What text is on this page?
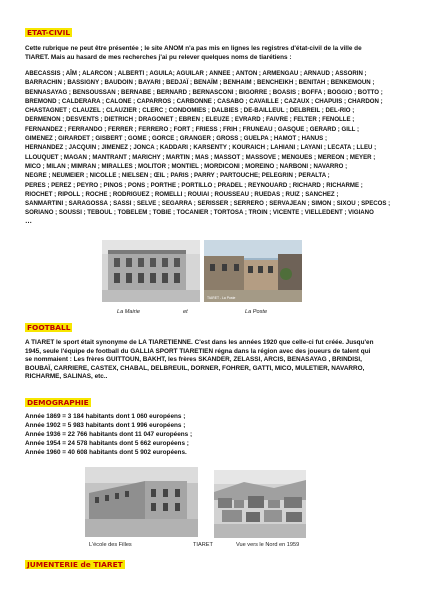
ETAT-CIVIL
Cette rubrique ne peut être présentée ; le site ANOM n'a pas mis en lignes les registres d'état-civil de la ville de
TIARET. Mais au hasard de mes recherches j'ai pu relever quelques noms de tiarétiens :
ABECASSIS ; AÎM ; ALARCON ; ALBERTI ; AGUILA; AGUILAR ; ANNEE ; ANTON ; ARMENGAU ; ARNAUD ; ASSORIN ;
BARRACHIN ; BASSIGNY ; BAUDOIN ; BAYARI ; BEDJAÏ ; BENAÏM ; BENHAIM ; BENCHEIKH ; BENITAH ; BENKEMOUN ;
BENNASAYAG ; BENSOUSSAN ; BERNABE ; BERNARD ; BERNASCONI ; BIGORRE ; BOASIS ; BOFFA ; BOGGIO ; BOTTO ;
BREMOND ; CALDERARA ; CALONE ; CAPARROS ; CARBONNE ; CASABO ; CAVAILLE ; CAZAUX ; CHAPUIS ; CHARDON ;
CHASTAGNET ; CLAUZEL ; CLAUZIER ; CLERC ; CONDOMIES ; DALBIES ; DE-BAILLEUL ; DELBREIL ; DEL-RIO ;
DERMENON ; DESVENTS ; DIETRICH ; DRAGONET ; EBREN ; ELEUZE ; EVRARD ; FAIVRE ; FELTER ; FENOLLE ;
FERNANDEZ ; FERRANDO ; FERRER ; FERRERO ; FORT ; FRIESS ; FRIH ; FRUNEAU ; GASQUE ; GERARD ; GILL ;
GIMENEZ ; GIRARDET ; GISBERT ; GOME ; GORCE ; GRANGER ; GROSS ; GUELPA ; HAMOT ; HANUS ;
HERNANDEZ ; JACQUIN ; JIMENEZ ; JONCA ; KADDARI ; KARSENTY ; KOURAICH ; LAHIANI ; LAYANI ; LECATA ; LLEU ;
LLOUQUET ; MAGAN ; MANTRANT ; MARICHY ; MARTIN ; MAS ; MASSOT ; MASSOVE ; MENGUES ; MEREON ; MEYER ;
MICO ; MILAN ; MIMRAN ; MIRALLES ; MOLITOR ; MONTIEL ; MORDICONI ; MOREINO ; NARBONI ; NAVARRO ;
NEGRE ; NEUMEIER ; NICOLLE ; NIELSEN ; ŒIL ; PARIS ; PARRY ; PARTOUCHE; PELEGRIN ; PERALTA ;
PERES ; PEREZ ; PEYRO ; PINOS ; PONS ; PORTHE ; PORTILLO ; PRADEL ; REYNOUARD ; RICHARD ; RICHARME ;
RIOCHET ; RIPOLL ; ROCHE ; RODRIGUEZ ; ROMELLI ; ROUIAI ; ROUSSEAU ; RUEDAS ; RUIZ ; SANCHEZ ;
SANMARTINI ; SARAGOSSA ; SASSI ; SELVE ; SEGARRA ; SERISSER ; SERRERO ; SERVAJEAN ; SIMON ; SIXOU ; SPECOS ;
SORIANO ; SOUSSI ; TEBOUL ; TOBELEM ; TOBIE ; TOCANIER ; TORTOSA ; TROIN ; VICENTE ; VIELLEDENT ; VIGIANO
…
TIARET - La Poste
La Mairie	et	La Poste
FOOTBALL
A TIARET le sport était synonyme de LA TIARETIENNE. C'est dans les années 1920 que celle-ci fut créée. Jusqu'en
1945, seule l'équipe de football du GALLIA SPORT TIARETIEN régna dans la région avec des joueurs de talent qui
se nommaient : Les frères GUITTOUN, BAKHT, les frères SKANDER, ZELASSI, ARCIS, BENASAYAG , BRINDISI,
BOUBAÏ, CARRIERE, CASTEX, CHABAL, DELBREUIL, DORNER, FOHRER, GATTI, MICO, MULETIER, NAVARRO,
RICHARME, SALINAS, etc..
DEMOGRAPHIE
Année 1869 = 3 184 habitants dont 1 060 européens ;
Année 1902 = 5 983 habitants dont 1 996 européens ;
Année 1936 = 22 766 habitants dont 11 047 européens ;
Année 1954 = 24 578 habitants dont 5 662 européens ;
Année 1960 = 40 608 habitants dont 5 902 européens.
L'école des Filles	TIARET	Vue vers le Nord en 1959
JUMENTERIE de TIARET
